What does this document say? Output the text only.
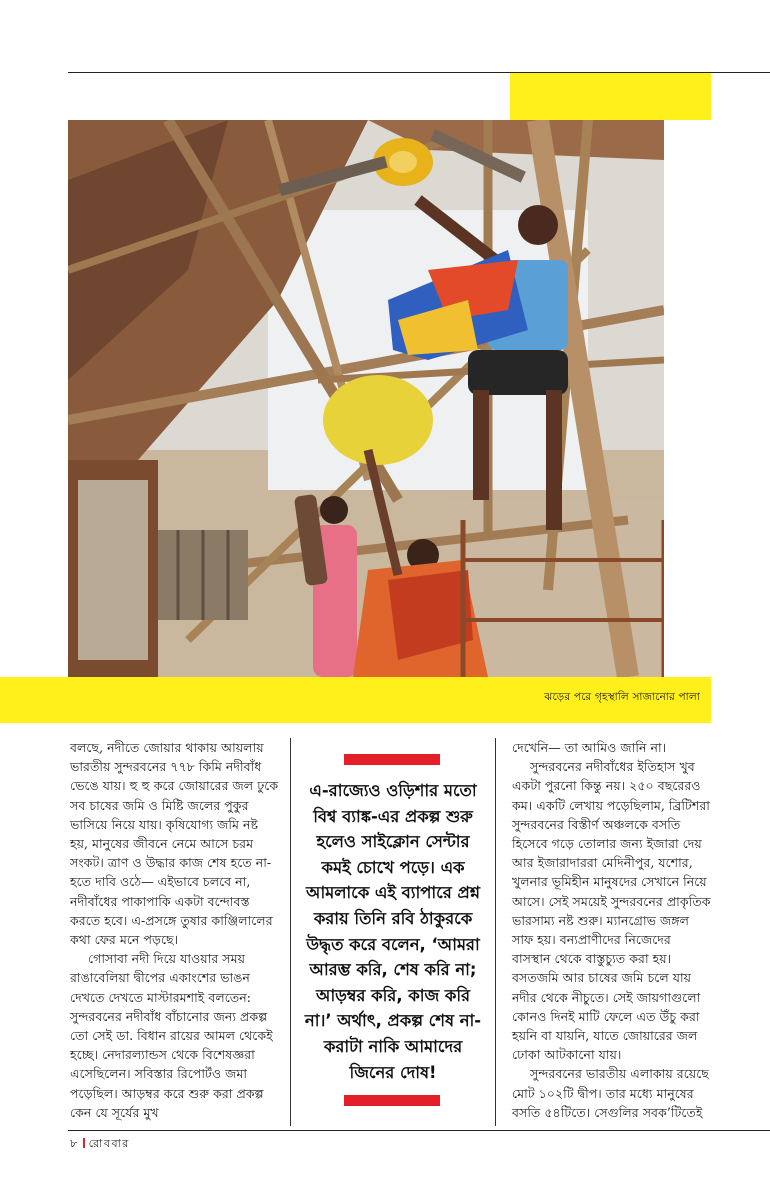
ঝড়ের পরে গৃহস্থালি সাজানোর পালা

বলছে, নদীতে জোয়ার থাকায় আয়লায় ভারতীয় সুন্দরবনের ৭৭৮ কিমি নদীবাঁধ ভেঙে যায়। হু হু করে জোয়ারের জল ঢুকে সব চাষের জমি ও মিষ্টি জলের পুকুর ভাসিয়ে নিয়ে যায়। কৃষিযোগ্য জমি নষ্ট হয়, মানুষের জীবনে নেমে আসে চরম সংকট। ত্রাণ ও উদ্ধার কাজ শেষ হতে না-হতে দাবি ওঠে— এইভাবে চলবে না, নদীবাঁধের পাকাপাকি একটা বন্দোবস্ত করতে হবে। এ-প্রসঙ্গে তুষার কাঞ্জিলালের কথা ফের মনে পড়ছে।

গোসাবা নদী দিয়ে যাওয়ার সময় রাঙাবেলিয়া দ্বীপের একাংশের ভাঙন দেখতে দেখতে মাস্টারমশাই বলতেন: সুন্দরবনের নদীবাঁধ বাঁচানোর জন্য প্রকল্প তো সেই ডা. বিধান রায়ের আমল থেকেই হচ্ছে। নেদারল্যান্ডস থেকে বিশেষজ্ঞরা এসেছিলেন। সবিস্তার রিপোর্টও জমা পড়েছিল। আড়ম্বর করে শুরু করা প্রকল্প কেন যে সূর্যের মুখ

এ-রাজ্যেও ওড়িশার মতো বিশ্ব ব্যাঙ্ক-এর প্রকল্প শুরু হলেও সাইক্লোন সেন্টার কমই চোখে পড়ে। এক আমলাকে এই ব্যাপারে প্রশ্ন করায় তিনি রবি ঠাকুরকে উদ্ধৃত করে বলেন, ‘আমরা আরম্ভ করি, শেষ করি না; আড়ম্বর করি, কাজ করি না।’ অর্থাৎ, প্রকল্প শেষ না-করাটা নাকি আমাদের জিনের দোষ!

দেখেনি— তা আমিও জানি না।

সুন্দরবনের নদীবাঁধের ইতিহাস খুব একটা পুরনো কিন্তু নয়। ২৫০ বছরেরও কম। একটি লেখায় পড়েছিলাম, ব্রিটিশরা সুন্দরবনের বিস্তীর্ণ অঞ্চলকে বসতি হিসেবে গড়ে তোলার জন্য ইজারা দেয় আর ইজারাদাররা মেদিনীপুর, যশোর, খুলনার ভূমিহীন মানুষদের সেখানে নিয়ে আসে। সেই সময়েই সুন্দরবনের প্রাকৃতিক ভারসাম্য নষ্ট শুরু। ম্যানগ্রোভ জঙ্গল সাফ হয়। বন্যপ্রাণীদের নিজেদের বাসস্থান থেকে বাস্তুচ্যুত করা হয়। বসতজমি আর চাষের জমি চলে যায় নদীর থেকে নীচুতে। সেই জায়গাগুলো কোনও দিনই মাটি ফেলে এত উঁচু করা হয়নি বা যায়নি, যাতে জোয়ারের জল ঢোকা আটকানো যায়।

সুন্দরবনের ভারতীয় এলাকায় রয়েছে মোট ১০২টি দ্বীপ। তার মধ্যে মানুষের বসতি ৫৪টিতে। সেগুলির সবক’টিতেই

৮ রোববার
